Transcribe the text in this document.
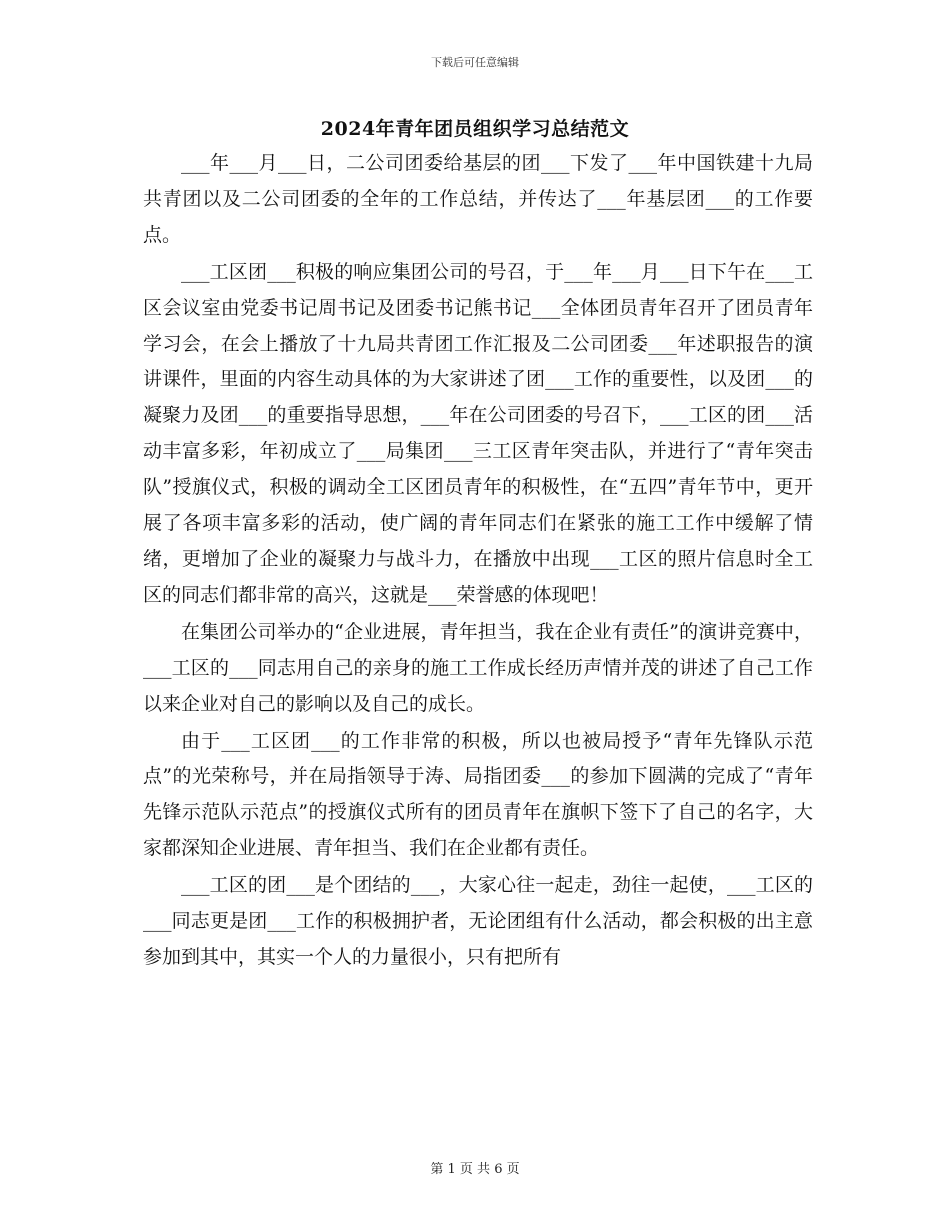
下载后可任意编辑
2024年青年团员组织学习总结范文

___年___月___日，二公司团委给基层的团___下发了___年中国铁建十九局共青团以及二公司团委的全年的工作总结，并传达了___年基层团___的工作要点。

___工区团___积极的响应集团公司的号召，于___年___月___日下午在___工区会议室由党委书记周书记及团委书记熊书记___全体团员青年召开了团员青年学习会，在会上播放了十九局共青团工作汇报及二公司团委___年述职报告的演讲课件，里面的内容生动具体的为大家讲述了团___工作的重要性，以及团___的凝聚力及团___的重要指导思想，___年在公司团委的号召下，___工区的团___活动丰富多彩，年初成立了___局集团___三工区青年突击队，并进行了“青年突击队”授旗仪式，积极的调动全工区团员青年的积极性，在“五四”青年节中，更开展了各项丰富多彩的活动，使广阔的青年同志们在紧张的施工工作中缓解了情绪，更增加了企业的凝聚力与战斗力，在播放中出现___工区的照片信息时全工区的同志们都非常的高兴，这就是___荣誉感的体现吧！

在集团公司举办的“企业进展，青年担当，我在企业有责任”的演讲竞赛中，___工区的___同志用自己的亲身的施工工作成长经历声情并茂的讲述了自己工作以来企业对自己的影响以及自己的成长。

由于___工区团___的工作非常的积极，所以也被局授予“青年先锋队示范点”的光荣称号，并在局指领导于涛、局指团委___的参加下圆满的完成了“青年先锋示范队示范点”的授旗仪式所有的团员青年在旗帜下签下了自己的名字，大家都深知企业进展、青年担当、我们在企业都有责任。

___工区的团___是个团结的___，大家心往一起走，劲往一起使，___工区的___同志更是团___工作的积极拥护者，无论团组有什么活动，都会积极的出主意参加到其中，其实一个人的力量很小，只有把所有

第 1 页 共 6 页
